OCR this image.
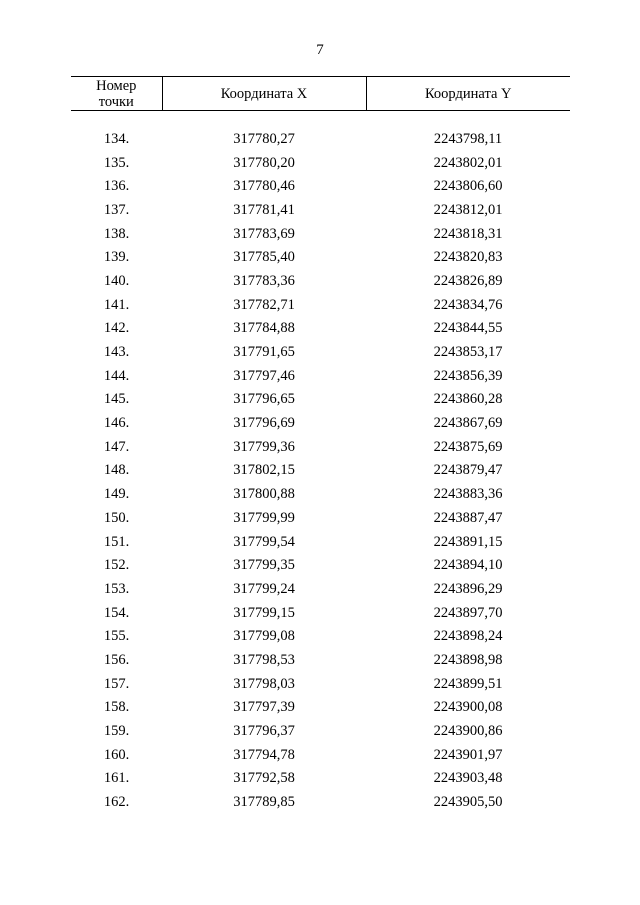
7
Номер точки	Координата X	Координата Y

134.	317780,27	2243798,11
135.	317780,20	2243802,01
136.	317780,46	2243806,60
137.	317781,41	2243812,01
138.	317783,69	2243818,31
139.	317785,40	2243820,83
140.	317783,36	2243826,89
141.	317782,71	2243834,76
142.	317784,88	2243844,55
143.	317791,65	2243853,17
144.	317797,46	2243856,39
145.	317796,65	2243860,28
146.	317796,69	2243867,69
147.	317799,36	2243875,69
148.	317802,15	2243879,47
149.	317800,88	2243883,36
150.	317799,99	2243887,47
151.	317799,54	2243891,15
152.	317799,35	2243894,10
153.	317799,24	2243896,29
154.	317799,15	2243897,70
155.	317799,08	2243898,24
156.	317798,53	2243898,98
157.	317798,03	2243899,51
158.	317797,39	2243900,08
159.	317796,37	2243900,86
160.	317794,78	2243901,97
161.	317792,58	2243903,48
162.	317789,85	2243905,50
